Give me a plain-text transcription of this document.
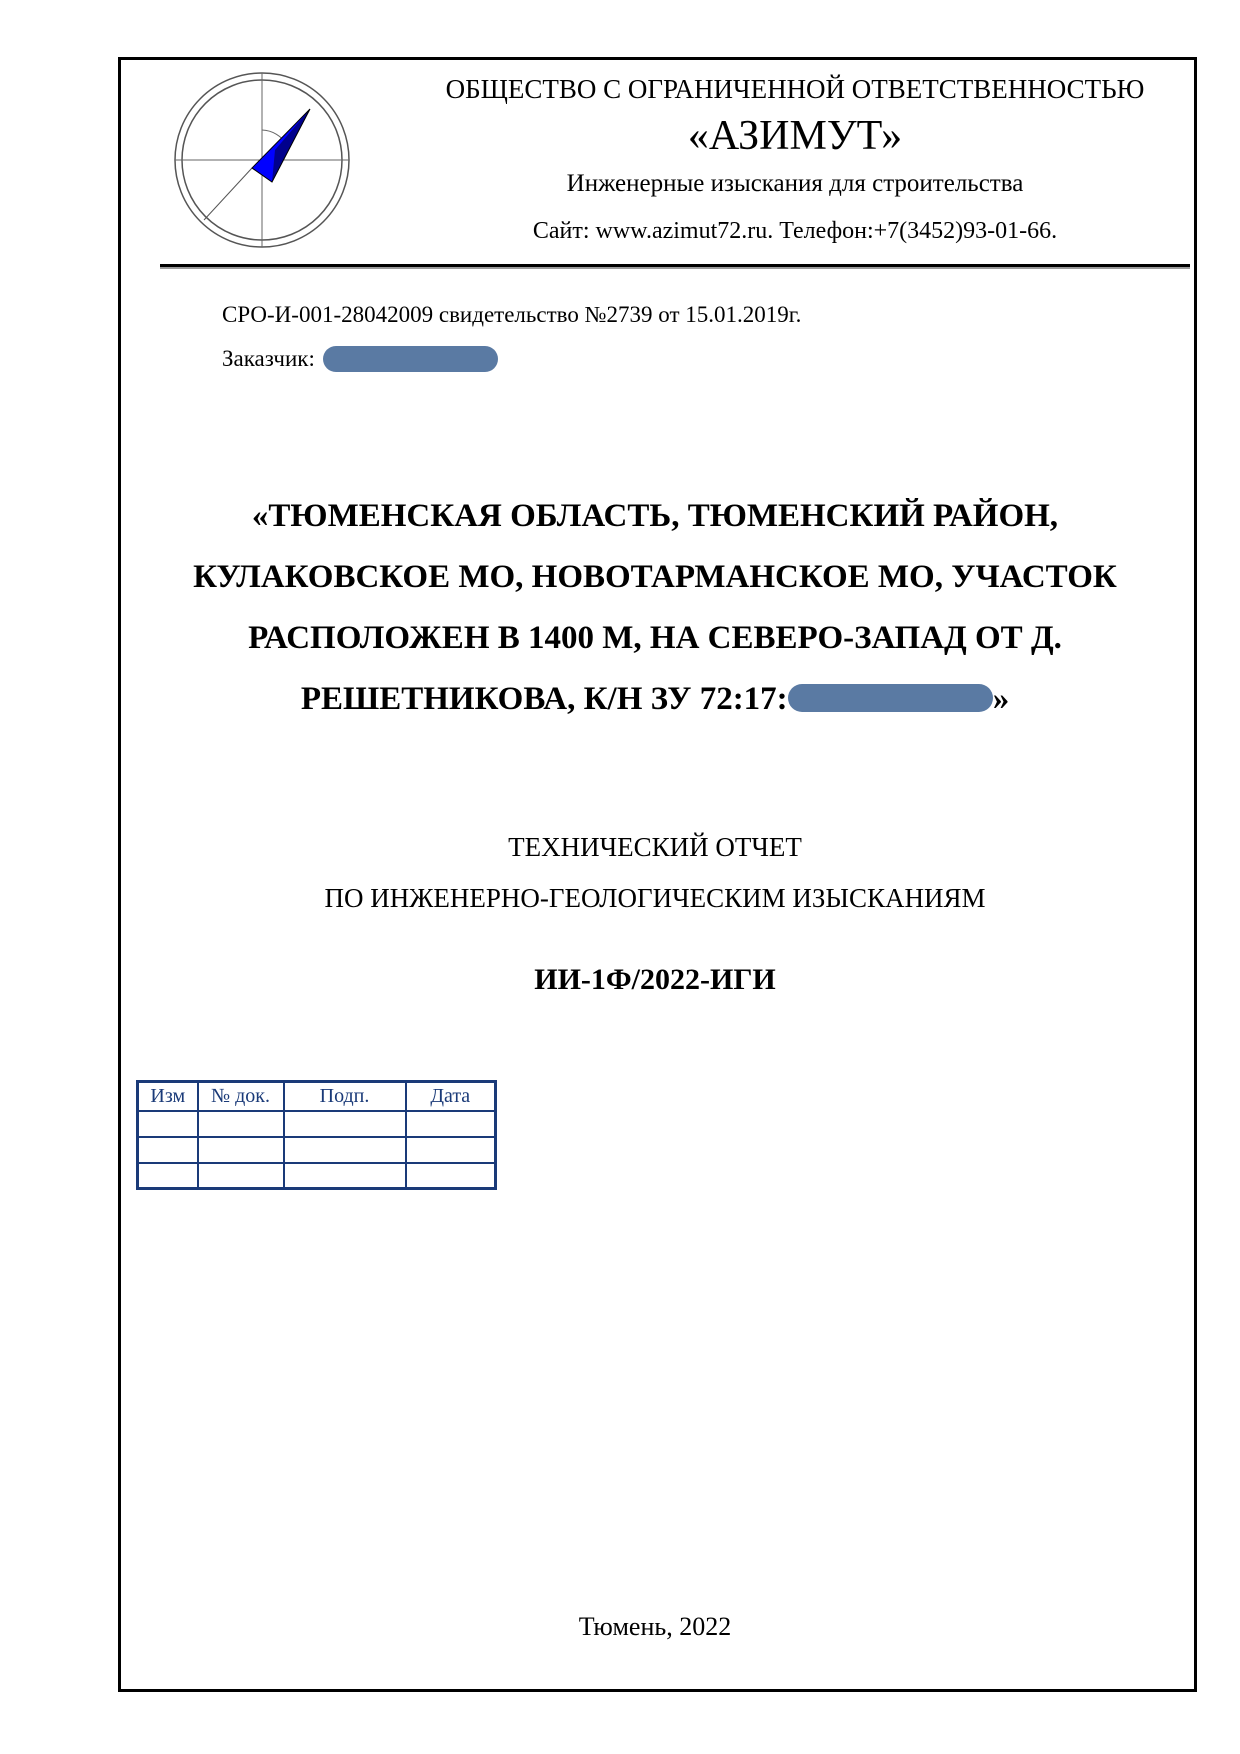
ОБЩЕСТВО С ОГРАНИЧЕННОЙ ОТВЕТСТВЕННОСТЬЮ
«АЗИМУТ»
Инженерные изыскания для строительства
Сайт: www.azimut72.ru. Телефон:+7(3452)93-01-66.
СРО-И-001-28042009 свидетельство №2739 от 15.01.2019г.
Заказчик:
«ТЮМЕНСКАЯ ОБЛАСТЬ, ТЮМЕНСКИЙ РАЙОН,
КУЛАКОВСКОЕ МО, НОВОТАРМАНСКОЕ МО, УЧАСТОК
РАСПОЛОЖЕН В 1400 М, НА СЕВЕРО-ЗАПАД ОТ Д.
РЕШЕТНИКОВА, К/Н ЗУ 72:17:	»
ТЕХНИЧЕСКИЙ ОТЧЕТ
ПО ИНЖЕНЕРНО-ГЕОЛОГИЧЕСКИМ ИЗЫСКАНИЯМ
ИИ-1Ф/2022-ИГИ
Изм	№ док.	Подп.	Дата

Тюмень, 2022
